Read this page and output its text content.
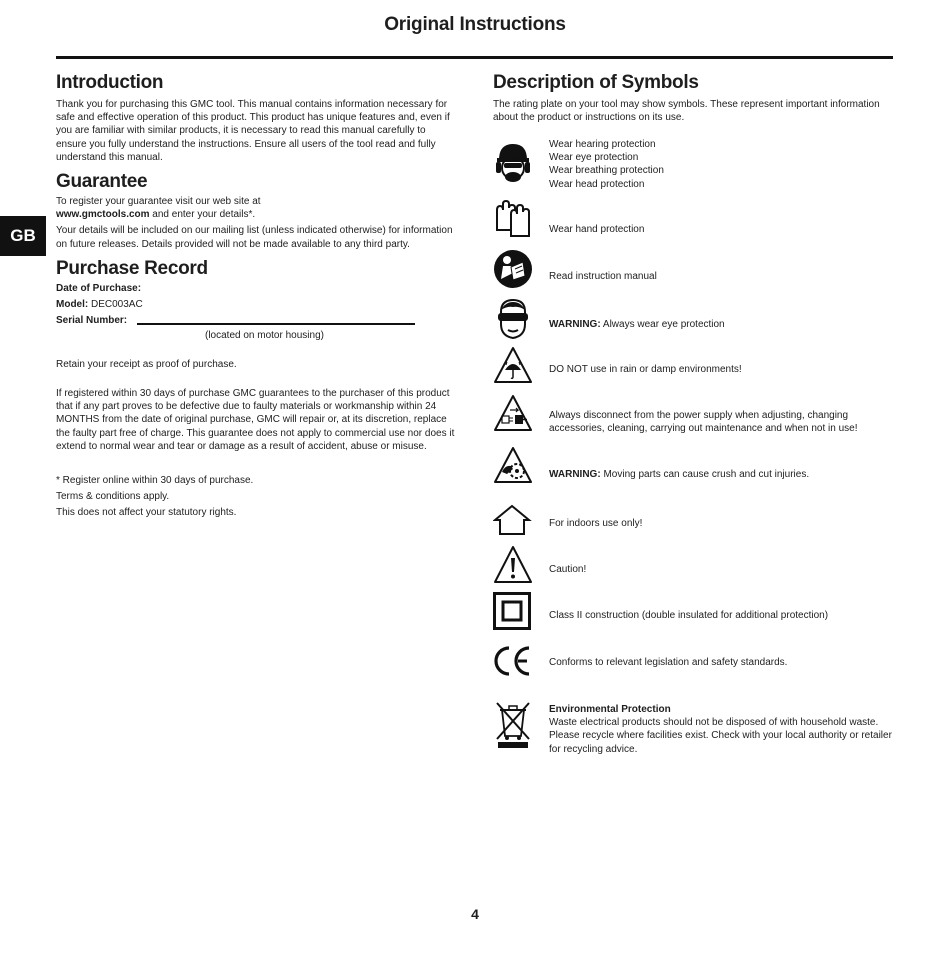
Original Instructions
GB
Introduction

Thank you for purchasing this GMC tool. This manual contains information necessary for safe and effective operation of this product. This product has unique features and, even if you are familiar with similar products, it is necessary to read this manual carefully to ensure you fully understand the instructions. Ensure all users of the tool read and fully understand this manual.

Guarantee

To register your guarantee visit our web site at
www.gmctools.com and enter your details*.

Your details will be included on our mailing list (unless indicated otherwise) for information on future releases. Details provided will not be made available to any third party.

Purchase Record
Date of Purchase:
Model: DEC003AC
Serial Number:
(located on motor housing)

Retain your receipt as proof of purchase.

If registered within 30 days of purchase GMC guarantees to the purchaser of this product that if any part proves to be defective due to faulty materials or workmanship within 24 MONTHS from the date of original purchase, GMC will repair or, at its discretion, replace the faulty part free of charge. This guarantee does not apply to commercial use nor does it extend to normal wear and tear or damage as a result of accident, abuse or misuse.

* Register online within 30 days of purchase.

Terms & conditions apply.

This does not affect your statutory rights.

Description of Symbols

The rating plate on your tool may show symbols. These represent important information about the product or instructions on its use.

Wear hearing protection
Wear eye protection
Wear breathing protection
Wear head protection
Wear hand protection
Read instruction manual
WARNING: Always wear eye protection
DO NOT use in rain or damp environments!
Always disconnect from the power supply when adjusting, changing accessories, cleaning, carrying out maintenance and when not in use!
WARNING: Moving parts can cause crush and cut injuries.
For indoors use only!
Caution!
Class II construction (double insulated for additional protection)
Conforms to relevant legislation and safety standards.
Environmental Protection
Waste electrical products should not be disposed of with household waste. Please recycle where facilities exist. Check with your local authority or retailer for recycling advice.
4
